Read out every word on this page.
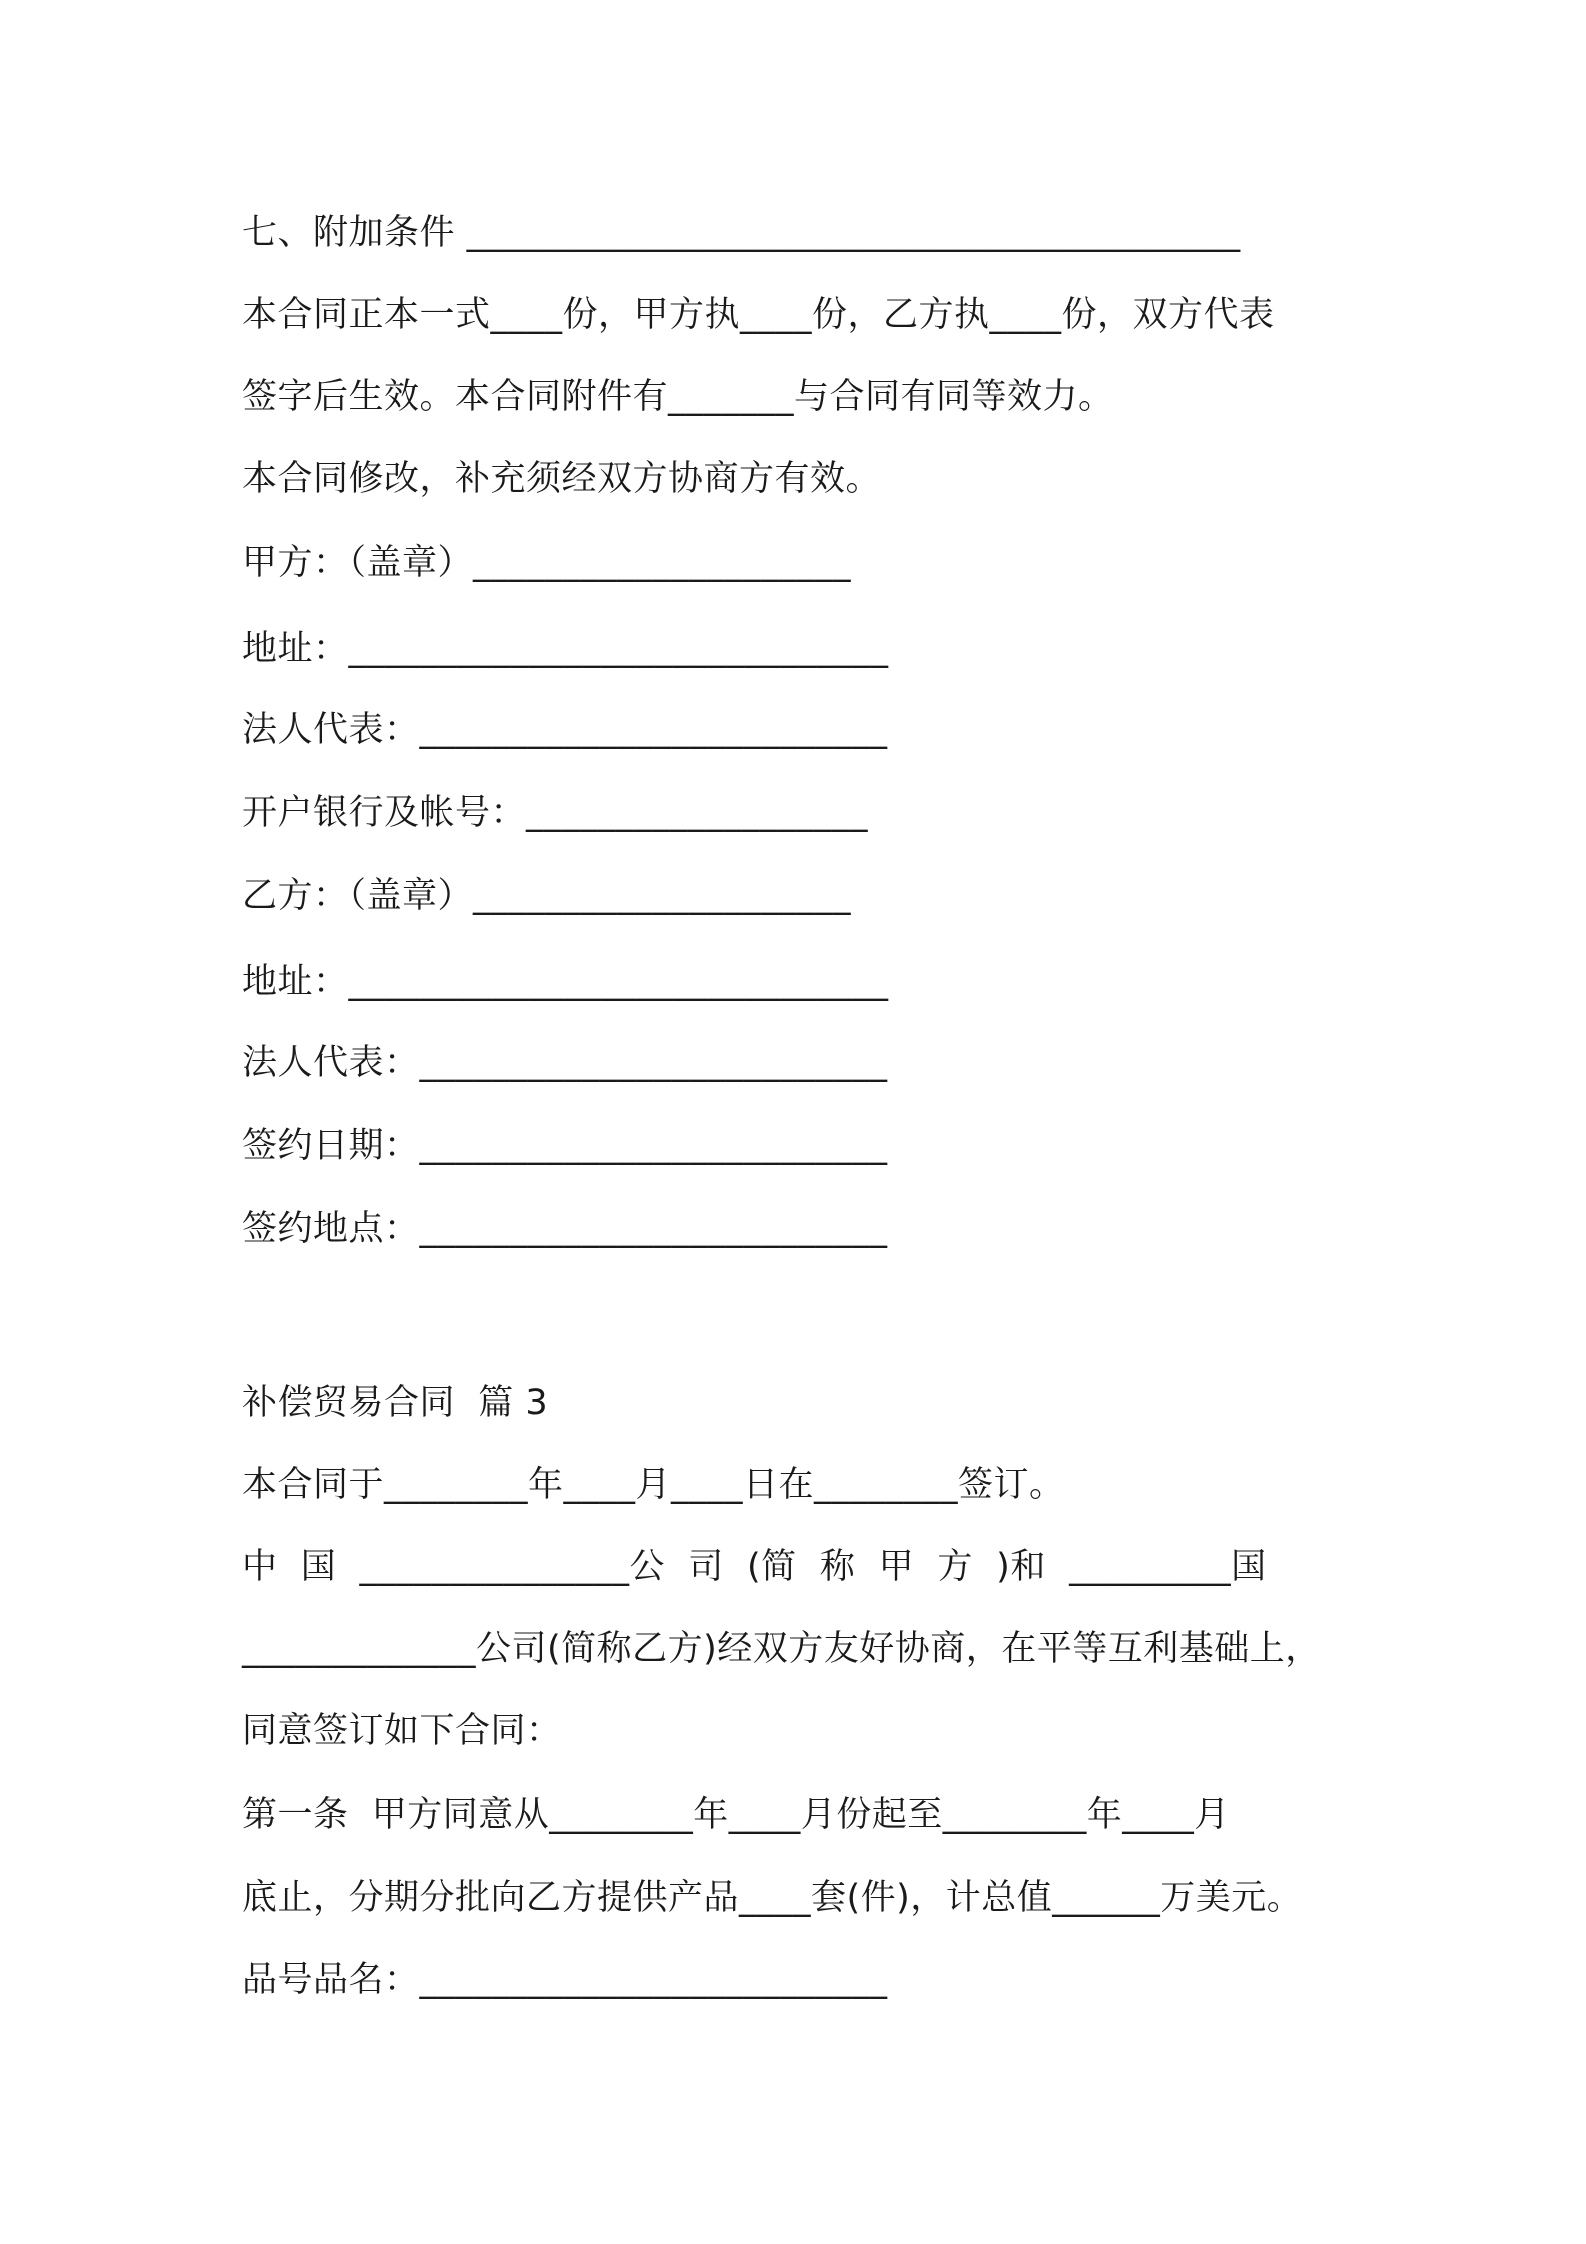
七、附加条件 ___________________________________________
本合同正本一式____份，甲方执____份，乙方执____份，双方代表
签字后生效。本合同附件有_______与合同有同等效力。
本合同修改，补充须经双方协商方有效。
甲方：（盖章）_____________________
地址：______________________________
法人代表：__________________________
开户银行及帐号：___________________
乙方：（盖章）_____________________
地址：______________________________
法人代表：__________________________
签约日期：__________________________
签约地点：__________________________
补偿贸易合同  篇 3
本合同于________年____月____日在________签订。
中  国  _______________公  司  (简  称  甲  方  )和  _________国
_____________公司(简称乙方)经双方友好协商，在平等互利基础上，
同意签订如下合同：
第一条  甲方同意从________年____月份起至________年____月
底止，分期分批向乙方提供产品____套(件)，计总值______万美元。
品号品名：__________________________
